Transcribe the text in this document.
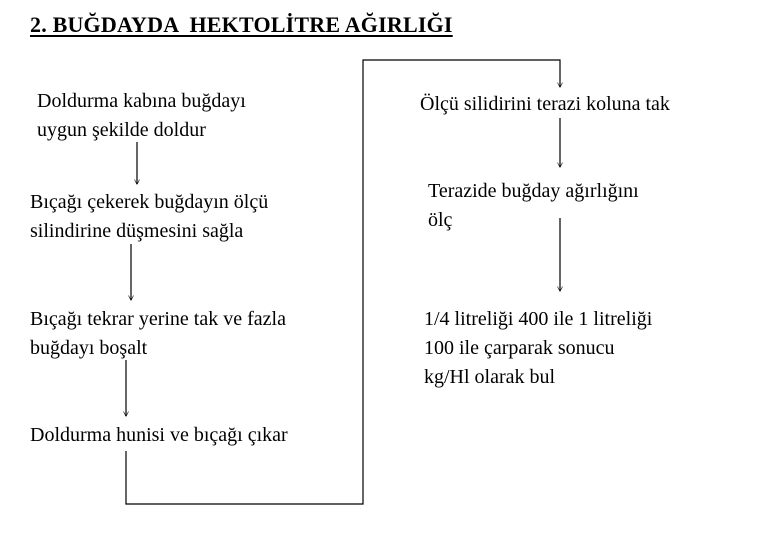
2. BUĞDAYDA  HEKTOLİTRE AĞIRLIĞI
Doldurma kabına buğdayı
uygun şekilde doldur
Bıçağı çekerek buğdayın ölçü
silindirine düşmesini sağla
Bıçağı tekrar yerine tak ve fazla
buğdayı boşalt
Doldurma hunisi ve bıçağı çıkar
Ölçü silidirini terazi koluna tak
Terazide buğday ağırlığını
ölç
1/4 litreliği 400 ile 1 litreliği
100 ile çarparak sonucu
kg/Hl olarak bul
